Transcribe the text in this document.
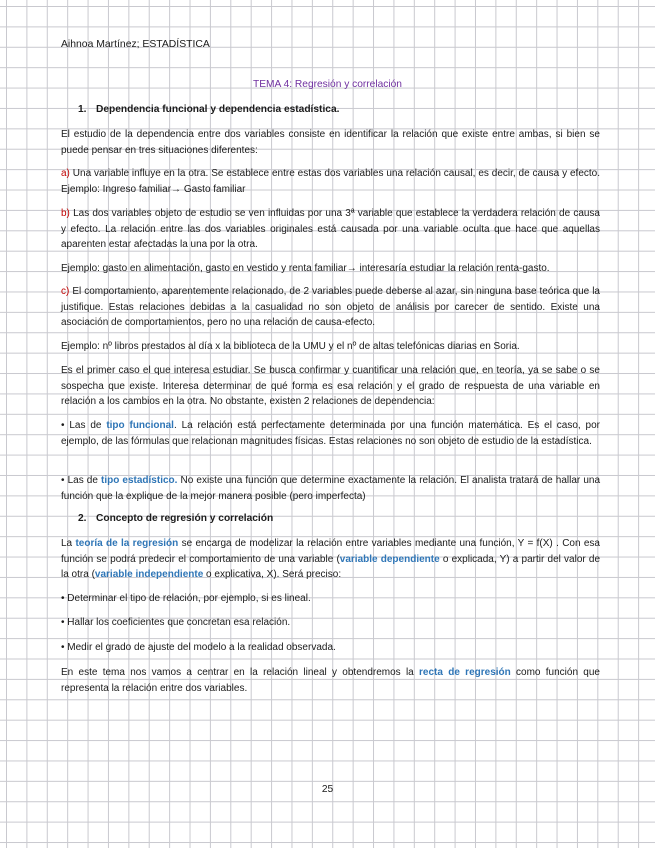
Aihnoa Martínez; ESTADÍSTICA
TEMA 4: Regresión y correlación
1. Dependencia funcional y dependencia estadística.
El estudio de la dependencia entre dos variables consiste en identificar la relación que existe entre ambas, si bien se puede pensar en tres situaciones diferentes:
a) Una variable influye en la otra. Se establece entre estas dos variables una relación causal, es decir, de causa y efecto. Ejemplo: Ingreso familiar→ Gasto familiar
b) Las dos variables objeto de estudio se ven influidas por una 3ª variable que establece la verdadera relación de causa y efecto. La relación entre las dos variables originales está causada por una variable oculta que hace que aquellas aparenten estar afectadas la una por la otra.
Ejemplo: gasto en alimentación, gasto en vestido y renta familiar→ interesaría estudiar la relación renta-gasto.
c) El comportamiento, aparentemente relacionado, de 2 variables puede deberse al azar, sin ninguna base teórica que la justifique. Estas relaciones debidas a la casualidad no son objeto de análisis por carecer de sentido. Existe una asociación de comportamientos, pero no una relación de causa-efecto.
Ejemplo: nº libros prestados al día x la biblioteca de la UMU y el nº de altas telefónicas diarias en Soria.
Es el primer caso el que interesa estudiar. Se busca confirmar y cuantificar una relación que, en teoría, ya se sabe o se sospecha que existe. Interesa determinar de qué forma es esa relación y el grado de respuesta de una variable en relación a los cambios en la otra. No obstante, existen 2 relaciones de dependencia:
• Las de tipo funcional. La relación está perfectamente determinada por una función matemática. Es el caso, por ejemplo, de las fórmulas que relacionan magnitudes físicas. Estas relaciones no son objeto de estudio de la estadística.
• Las de tipo estadístico. No existe una función que determine exactamente la relación. El analista tratará de hallar una función que la explique de la mejor manera posible (pero imperfecta)
2. Concepto de regresión y correlación
La teoría de la regresión se encarga de modelizar la relación entre variables mediante una función, Y = f(X) . Con esa función se podrá predecir el comportamiento de una variable (variable dependiente o explicada, Y) a partir del valor de la otra (variable independiente o explicativa, X). Será preciso:
• Determinar el tipo de relación, por ejemplo, si es lineal.
• Hallar los coeficientes que concretan esa relación.
• Medir el grado de ajuste del modelo a la realidad observada.
En este tema nos vamos a centrar en la relación lineal y obtendremos la recta de regresión como función que representa la relación entre dos variables.
25
